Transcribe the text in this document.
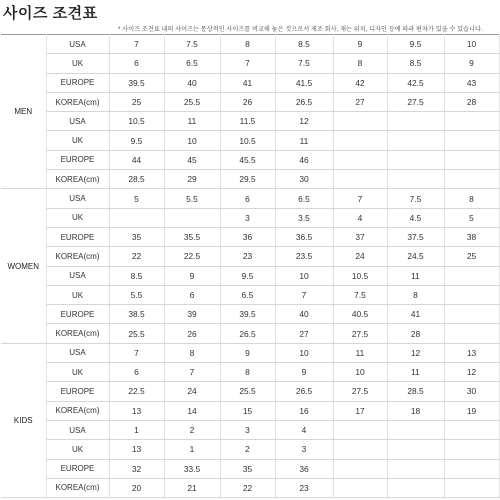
사이즈 조견표
* 사이즈 조견표 내의 사이즈는 통상적인 사이즈를 비교해 놓은 것으로서 제조 회사, 재는 위치, 디자인 등에 따라 편차가 있을 수 있습니다.
MEN	USA	7	7.5	8	8.5	9	9.5	10
	UK	6	6.5	7	7.5	8	8.5	9
	EUROPE	39.5	40	41	41.5	42	42.5	43
	KOREA(cm)	25	25.5	26	26.5	27	27.5	28
	USA	10.5	11	11.5	12			
	UK	9.5	10	10.5	11			
	EUROPE	44	45	45.5	46			
	KOREA(cm)	28.5	29	29.5	30			
WOMEN	USA	5	5.5	6	6.5	7	7.5	8
	UK			3	3.5	4	4.5	5
	EUROPE	35	35.5	36	36.5	37	37.5	38
	KOREA(cm)	22	22.5	23	23.5	24	24.5	25
	USA	8.5	9	9.5	10	10.5	11	
	UK	5.5	6	6.5	7	7.5	8	
	EUROPE	38.5	39	39.5	40	40.5	41	
	KOREA(cm)	25.5	26	26.5	27	27.5	28	
KIDS	USA	7	8	9	10	11	12	13
	UK	6	7	8	9	10	11	12
	EUROPE	22.5	24	25.5	26.5	27.5	28.5	30
	KOREA(cm)	13	14	15	16	17	18	19
	USA	1	2	3	4			
	UK	13	1	2	3			
	EUROPE	32	33.5	35	36			
	KOREA(cm)	20	21	22	23			
